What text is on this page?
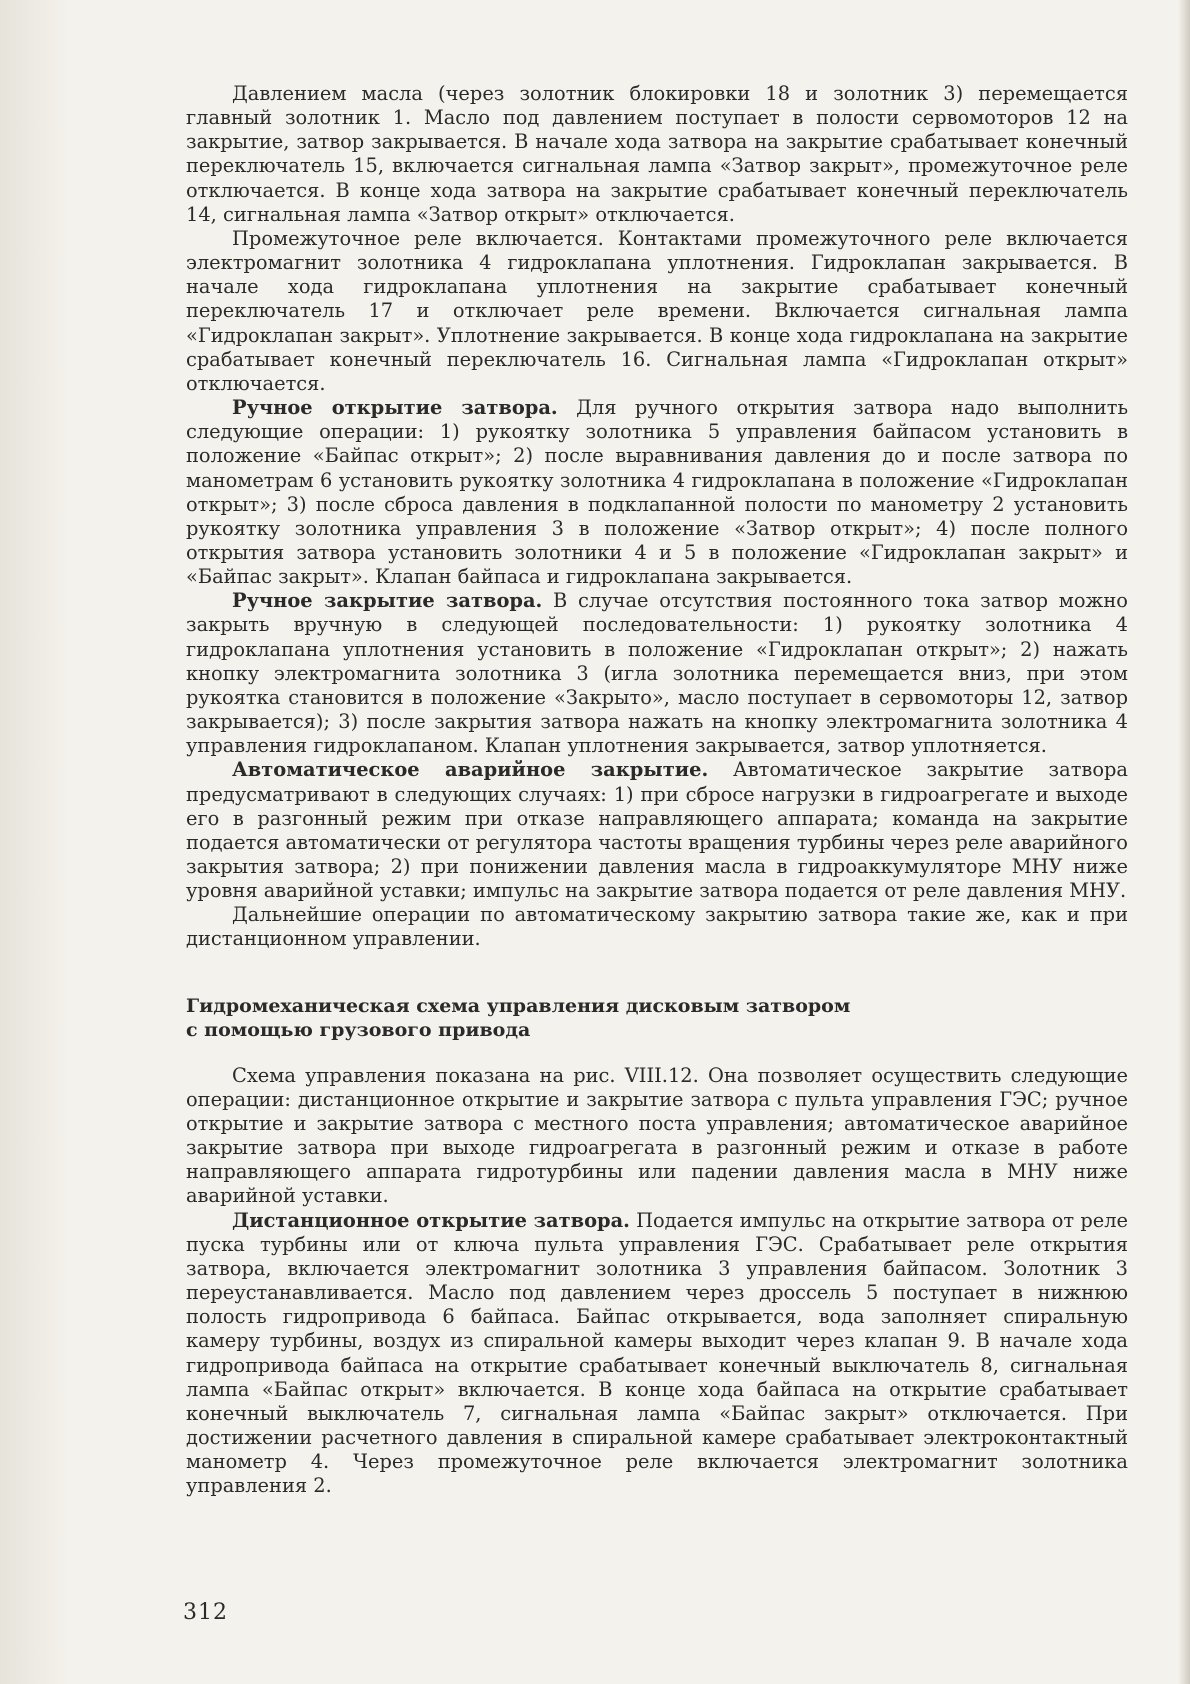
Давлением масла (через золотник блокировки 18 и золотник 3) перемещается главный золотник 1. Масло под давлением поступает в полости сервомоторов 12 на закрытие, затвор закрывается. В начале хода затвора на закрытие срабатывает конечный переключатель 15, включается сигнальная лампа «Затвор закрыт», промежуточное реле отключается. В конце хода затвора на закрытие срабатывает конечный переключатель 14, сигнальная лампа «Затвор открыт» отключается.

Промежуточное реле включается. Контактами промежуточного реле включается электромагнит золотника 4 гидроклапана уплотнения. Гидроклапан закрывается. В начале хода гидроклапана уплотнения на закрытие срабатывает конечный переключатель 17 и отключает реле времени. Включается сигнальная лампа «Гидроклапан закрыт». Уплотнение закрывается. В конце хода гидроклапана на закрытие срабатывает конечный переключатель 16. Сигнальная лампа «Гидроклапан открыт» отключается.

Ручное открытие затвора. Для ручного открытия затвора надо выполнить следующие операции: 1) рукоятку золотника 5 управления байпасом установить в положение «Байпас открыт»; 2) после выравнивания давления до и после затвора по манометрам 6 установить рукоятку золотника 4 гидроклапана в положение «Гидроклапан открыт»; 3) после сброса давления в подклапанной полости по манометру 2 установить рукоятку золотника управления 3 в положение «Затвор открыт»; 4) после полного открытия затвора установить золотники 4 и 5 в положение «Гидроклапан закрыт» и «Байпас закрыт». Клапан байпаса и гидроклапана закрывается.

Ручное закрытие затвора. В случае отсутствия постоянного тока затвор можно закрыть вручную в следующей последовательности: 1) рукоятку золотника 4 гидроклапана уплотнения установить в положение «Гидроклапан открыт»; 2) нажать кнопку электромагнита золотника 3 (игла золотника перемещается вниз, при этом рукоятка становится в положение «Закрыто», масло поступает в сервомоторы 12, затвор закрывается); 3) после закрытия затвора нажать на кнопку электромагнита золотника 4 управления гидроклапаном. Клапан уплотнения закрывается, затвор уплотняется.

Автоматическое аварийное закрытие. Автоматическое закрытие затвора предусматривают в следующих случаях: 1) при сбросе нагрузки в гидроагрегате и выходе его в разгонный режим при отказе направляющего аппарата; команда на закрытие подается автоматически от регулятора частоты вращения турбины через реле аварийного закрытия затвора; 2) при понижении давления масла в гидроаккумуляторе МНУ ниже уровня аварийной уставки; импульс на закрытие затвора подается от реле давления МНУ.

Дальнейшие операции по автоматическому закрытию затвора такие же, как и при дистанционном управлении.

Гидромеханическая схема управления дисковым затвором
с помощью грузового привода

Схема управления показана на рис. VIII.12. Она позволяет осуществить следующие операции: дистанционное открытие и закрытие затвора с пульта управления ГЭС; ручное открытие и закрытие затвора с местного поста управления; автоматическое аварийное закрытие затвора при выходе гидроагрегата в разгонный режим и отказе в работе направляющего аппарата гидротурбины или падении давления масла в МНУ ниже аварийной уставки.

Дистанционное открытие затвора. Подается импульс на открытие затвора от реле пуска турбины или от ключа пульта управления ГЭС. Срабатывает реле открытия затвора, включается электромагнит золотника 3 управления байпасом. Золотник 3 переустанавливается. Масло под давлением через дроссель 5 поступает в нижнюю полость гидропривода 6 байпаса. Байпас открывается, вода заполняет спиральную камеру турбины, воздух из спиральной камеры выходит через клапан 9. В начале хода гидропривода байпаса на открытие срабатывает конечный выключатель 8, сигнальная лампа «Байпас открыт» включается. В конце хода байпаса на открытие срабатывает конечный выключатель 7, сигнальная лампа «Байпас закрыт» отключается. При достижении расчетного давления в спиральной камере срабатывает электроконтактный манометр 4. Через промежуточное реле включается электромагнит золотника управления 2.

312
